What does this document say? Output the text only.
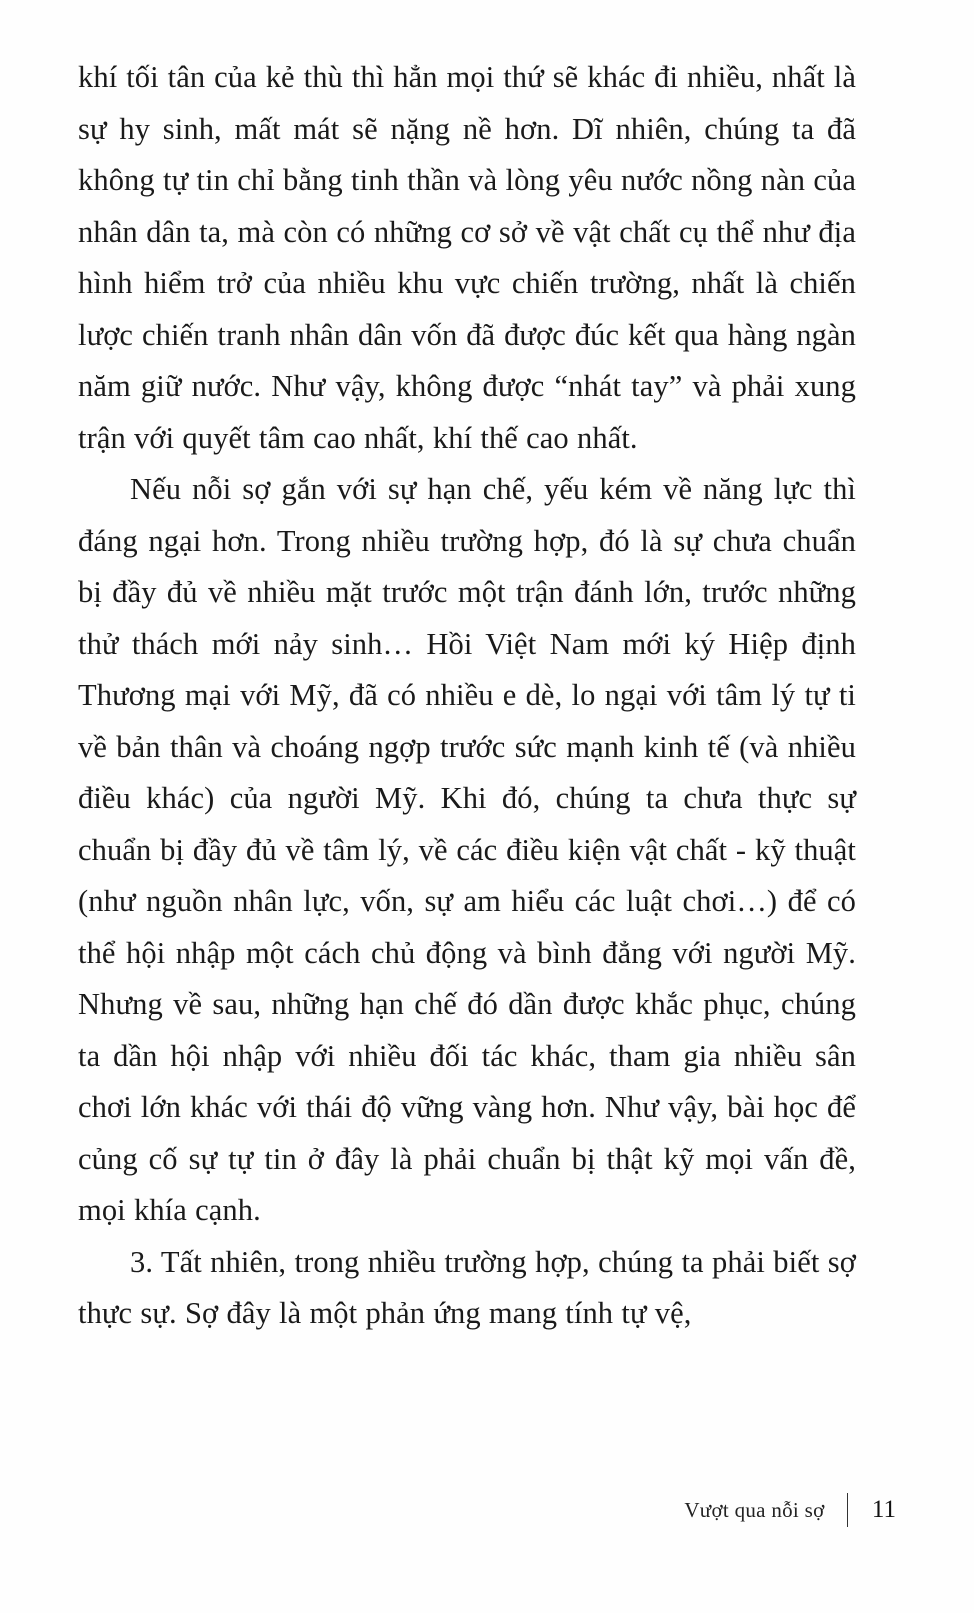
khí tối tân của kẻ thù thì hẳn mọi thứ sẽ khác đi nhiều, nhất là sự hy sinh, mất mát sẽ nặng nề hơn. Dĩ nhiên, chúng ta đã không tự tin chỉ bằng tinh thần và lòng yêu nước nồng nàn của nhân dân ta, mà còn có những cơ sở về vật chất cụ thể như địa hình hiểm trở của nhiều khu vực chiến trường, nhất là chiến lược chiến tranh nhân dân vốn đã được đúc kết qua hàng ngàn năm giữ nước. Như vậy, không được “nhát tay” và phải xung trận với quyết tâm cao nhất, khí thế cao nhất.

Nếu nỗi sợ gắn với sự hạn chế, yếu kém về năng lực thì đáng ngại hơn. Trong nhiều trường hợp, đó là sự chưa chuẩn bị đầy đủ về nhiều mặt trước một trận đánh lớn, trước những thử thách mới nảy sinh… Hồi Việt Nam mới ký Hiệp định Thương mại với Mỹ, đã có nhiều e dè, lo ngại với tâm lý tự ti về bản thân và choáng ngợp trước sức mạnh kinh tế (và nhiều điều khác) của người Mỹ. Khi đó, chúng ta chưa thực sự chuẩn bị đầy đủ về tâm lý, về các điều kiện vật chất - kỹ thuật (như nguồn nhân lực, vốn, sự am hiểu các luật chơi…) để có thể hội nhập một cách chủ động và bình đẳng với người Mỹ. Nhưng về sau, những hạn chế đó dần được khắc phục, chúng ta dần hội nhập với nhiều đối tác khác, tham gia nhiều sân chơi lớn khác với thái độ vững vàng hơn. Như vậy, bài học để củng cố sự tự tin ở đây là phải chuẩn bị thật kỹ mọi vấn đề, mọi khía cạnh.

3. Tất nhiên, trong nhiều trường hợp, chúng ta phải biết sợ thực sự. Sợ đây là một phản ứng mang tính tự vệ,

Vượt qua nỗi sợ 11
